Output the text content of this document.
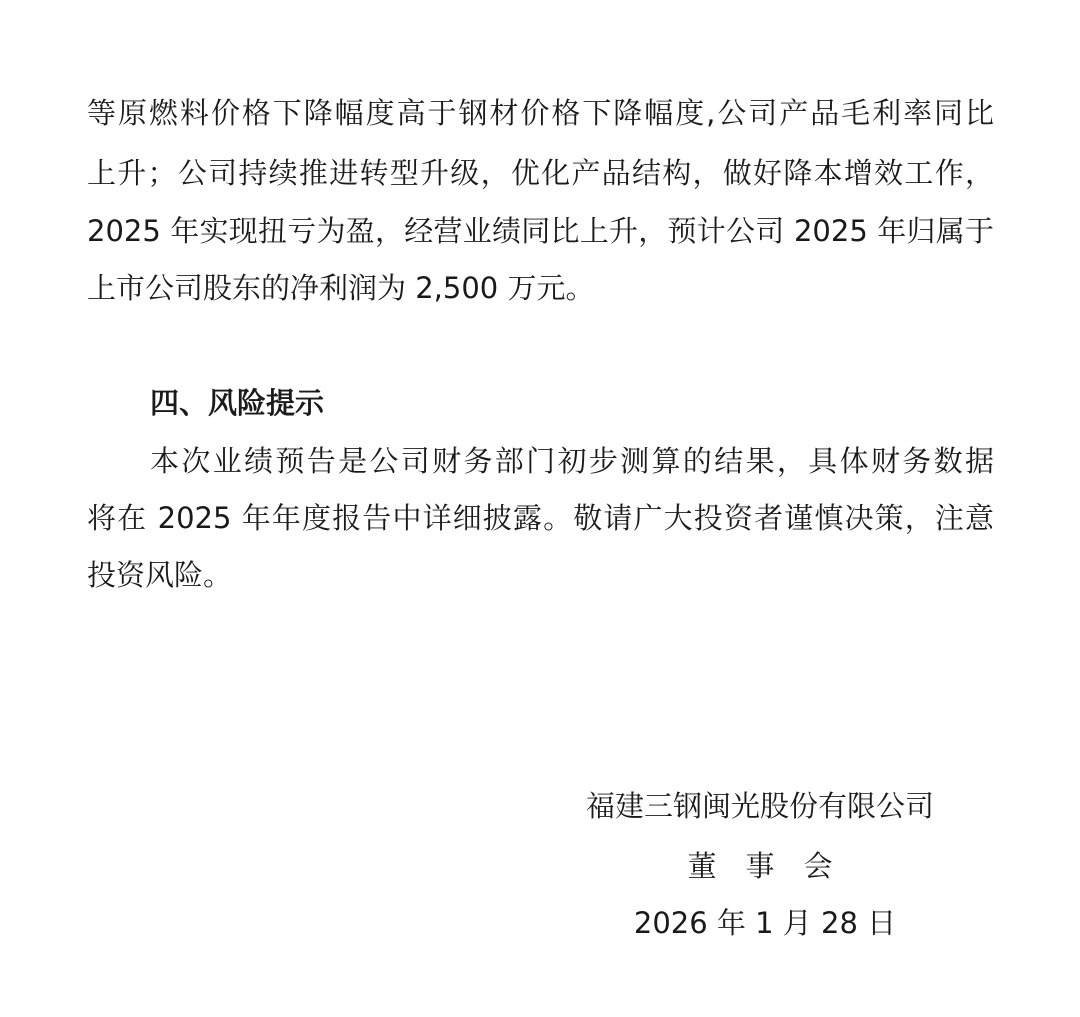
等原燃料价格下降幅度高于钢材价格下降幅度,公司产品毛利率同比
上升；公司持续推进转型升级，优化产品结构，做好降本增效工作，
2025 年实现扭亏为盈，经营业绩同比上升，预计公司 2025 年归属于
上市公司股东的净利润为 2,500 万元。
四、风险提示
本次业绩预告是公司财务部门初步测算的结果，具体财务数据
将在 2025 年年度报告中详细披露。敬请广大投资者谨慎决策，注意
投资风险。
福建三钢闽光股份有限公司
董　事　会
2026 年 1 月 28 日
